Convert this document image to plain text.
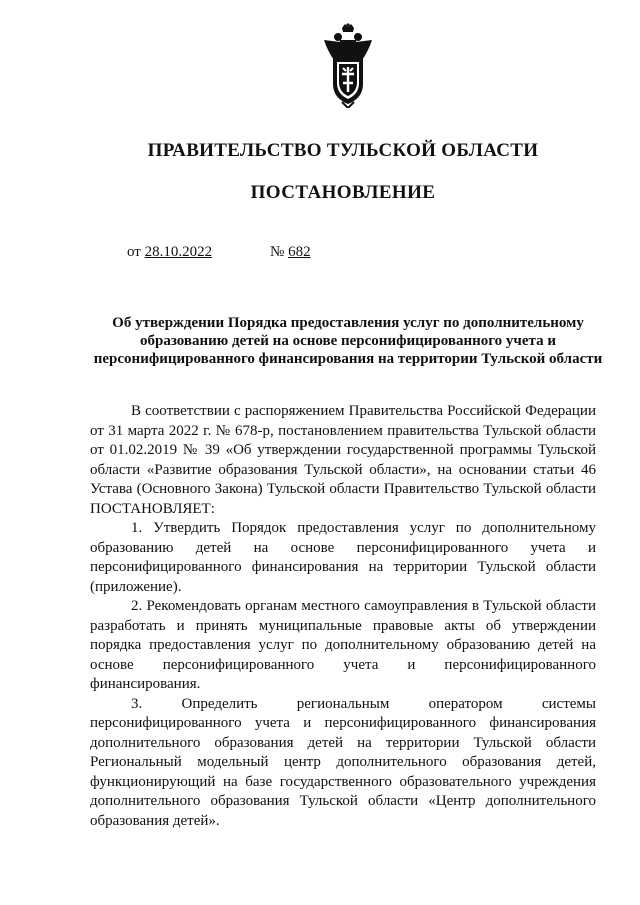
ПРАВИТЕЛЬСТВО ТУЛЬСКОЙ ОБЛАСТИ
ПОСТАНОВЛЕНИЕ
от 28.10.2022	№ 682
Об утверждении Порядка предоставления услуг по дополнительному образованию детей на основе персонифицированного учета и персонифицированного финансирования на территории Тульской области

В соответствии с распоряжением Правительства Российской Федерации от 31 марта 2022 г. № 678-р, постановлением правительства Тульской области от 01.02.2019 № 39 «Об утверждении государственной программы Тульской области «Развитие образования Тульской области», на основании статьи 46 Устава (Основного Закона) Тульской области Правительство Тульской области ПОСТАНОВЛЯЕТ:

1. Утвердить Порядок предоставления услуг по дополнительному образованию детей на основе персонифицированного учета и персонифицированного финансирования на территории Тульской области (приложение).

2. Рекомендовать органам местного самоуправления в Тульской области разработать и принять муниципальные правовые акты об утверждении порядка предоставления услуг по дополнительному образованию детей на основе персонифицированного учета и персонифицированного финансирования.

3. Определить региональным оператором системы персонифицированного учета и персонифицированного финансирования дополнительного образования детей на территории Тульской области Региональный модельный центр дополнительного образования детей, функционирующий на базе государственного образовательного учреждения дополнительного образования Тульской области «Центр дополнительного образования детей».
